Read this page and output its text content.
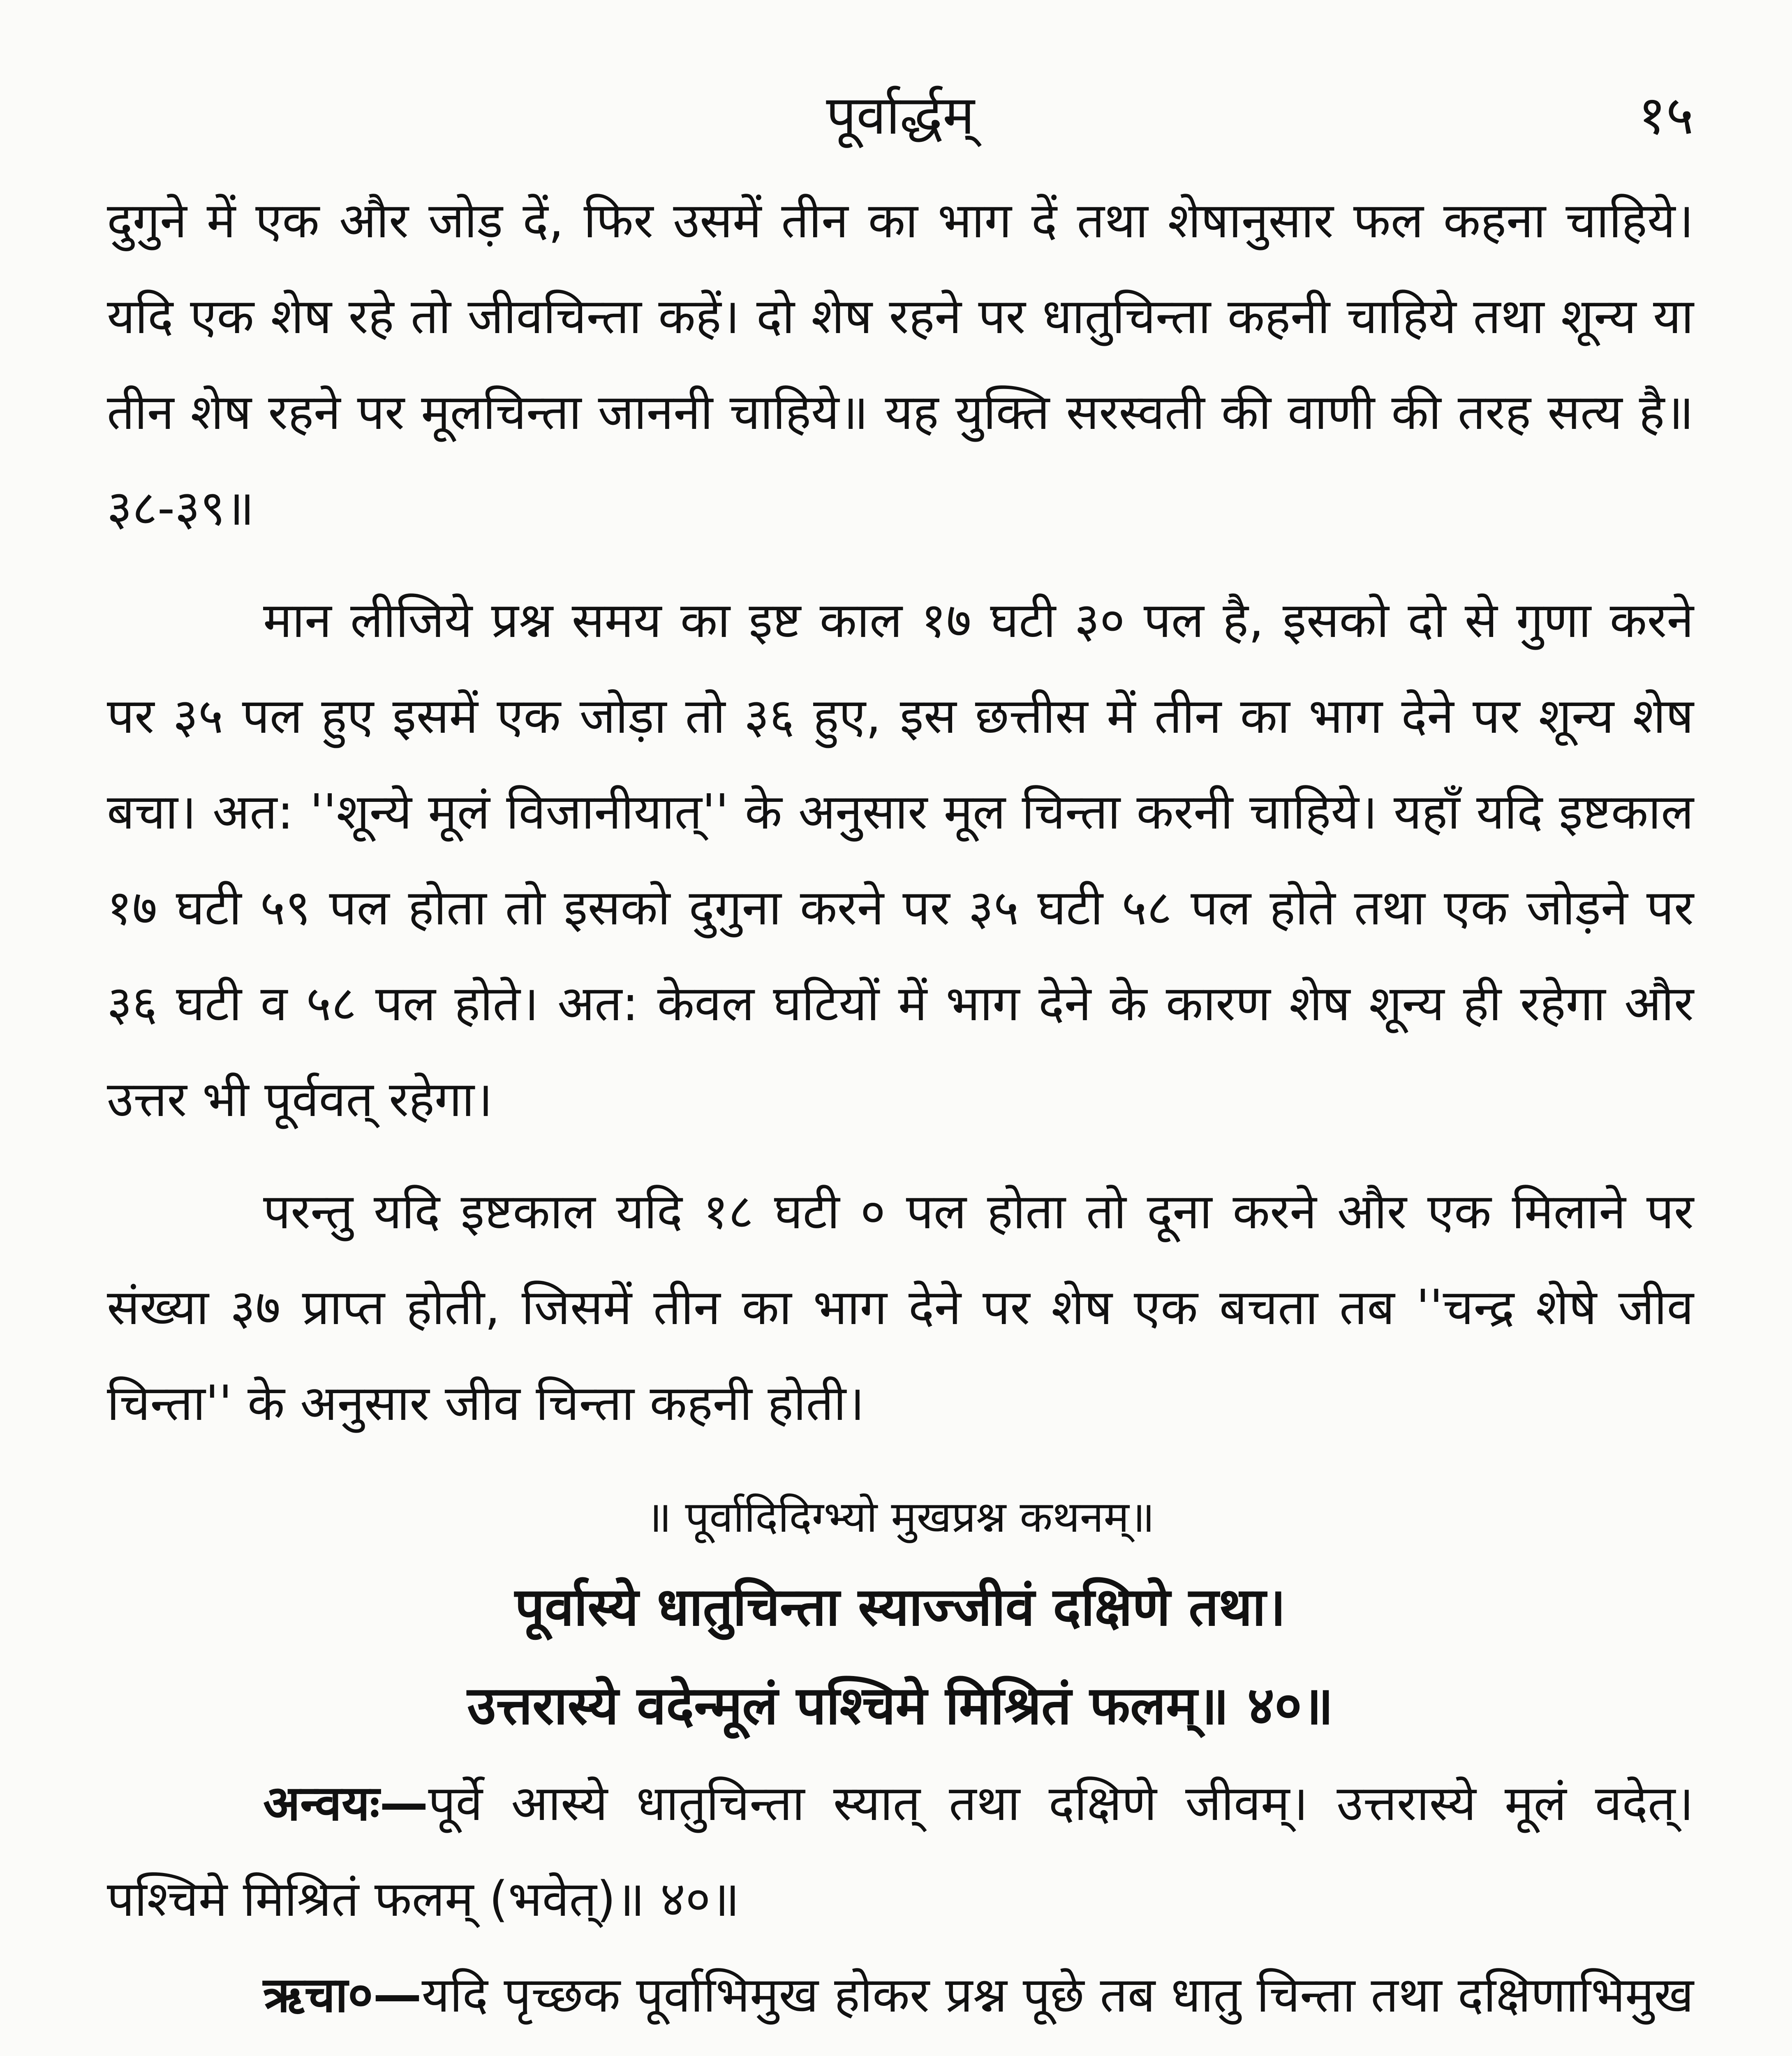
पूर्वार्द्धम्	१५

दुगुने में एक और जोड़ दें, फिर उसमें तीन का भाग दें तथा शेषानुसार फल कहना चाहिये। यदि एक शेष रहे तो जीवचिन्ता कहें। दो शेष रहने पर धातुचिन्ता कहनी चाहिये तथा शून्य या तीन शेष रहने पर मूलचिन्ता जाननी चाहिये॥ यह युक्ति सरस्वती की वाणी की तरह सत्य है॥ ३८-३९॥

मान लीजिये प्रश्न समय का इष्ट काल १७ घटी ३० पल है, इसको दो से गुणा करने पर ३५ पल हुए इसमें एक जोड़ा तो ३६ हुए, इस छत्तीस में तीन का भाग देने पर शून्य शेष बचा। अत: ''शून्ये मूलं विजानीयात्'' के अनुसार मूल चिन्ता करनी चाहिये। यहाँ यदि इष्टकाल १७ घटी ५९ पल होता तो इसको दुगुना करने पर ३५ घटी ५८ पल होते तथा एक जोड़ने पर ३६ घटी व ५८ पल होते। अत: केवल घटियों में भाग देने के कारण शेष शून्य ही रहेगा और उत्तर भी पूर्ववत् रहेगा।

परन्तु यदि इष्टकाल यदि १८ घटी ० पल होता तो दूना करने और एक मिलाने पर संख्या ३७ प्राप्त होती, जिसमें तीन का भाग देने पर शेष एक बचता तब ''चन्द्र शेषे जीव चिन्ता'' के अनुसार जीव चिन्ता कहनी होती।

॥ पूर्वादिदिग्भ्यो मुखप्रश्न कथनम्॥
पूर्वास्ये धातुचिन्ता स्याज्जीवं दक्षिणे तथा।
उत्तरास्ये वदेन्मूलं पश्चिमे मिश्रितं फलम्॥ ४०॥

अन्वयः—पूर्वे आस्ये धातुचिन्ता स्यात् तथा दक्षिणे जीवम्। उत्तरास्ये मूलं वदेत्। पश्चिमे मिश्रितं फलम् (भवेत्)॥ ४०॥

ऋचा०—यदि पृच्छक पूर्वाभिमुख होकर प्रश्न पूछे तब धातु चिन्ता तथा दक्षिणाभिमुख
